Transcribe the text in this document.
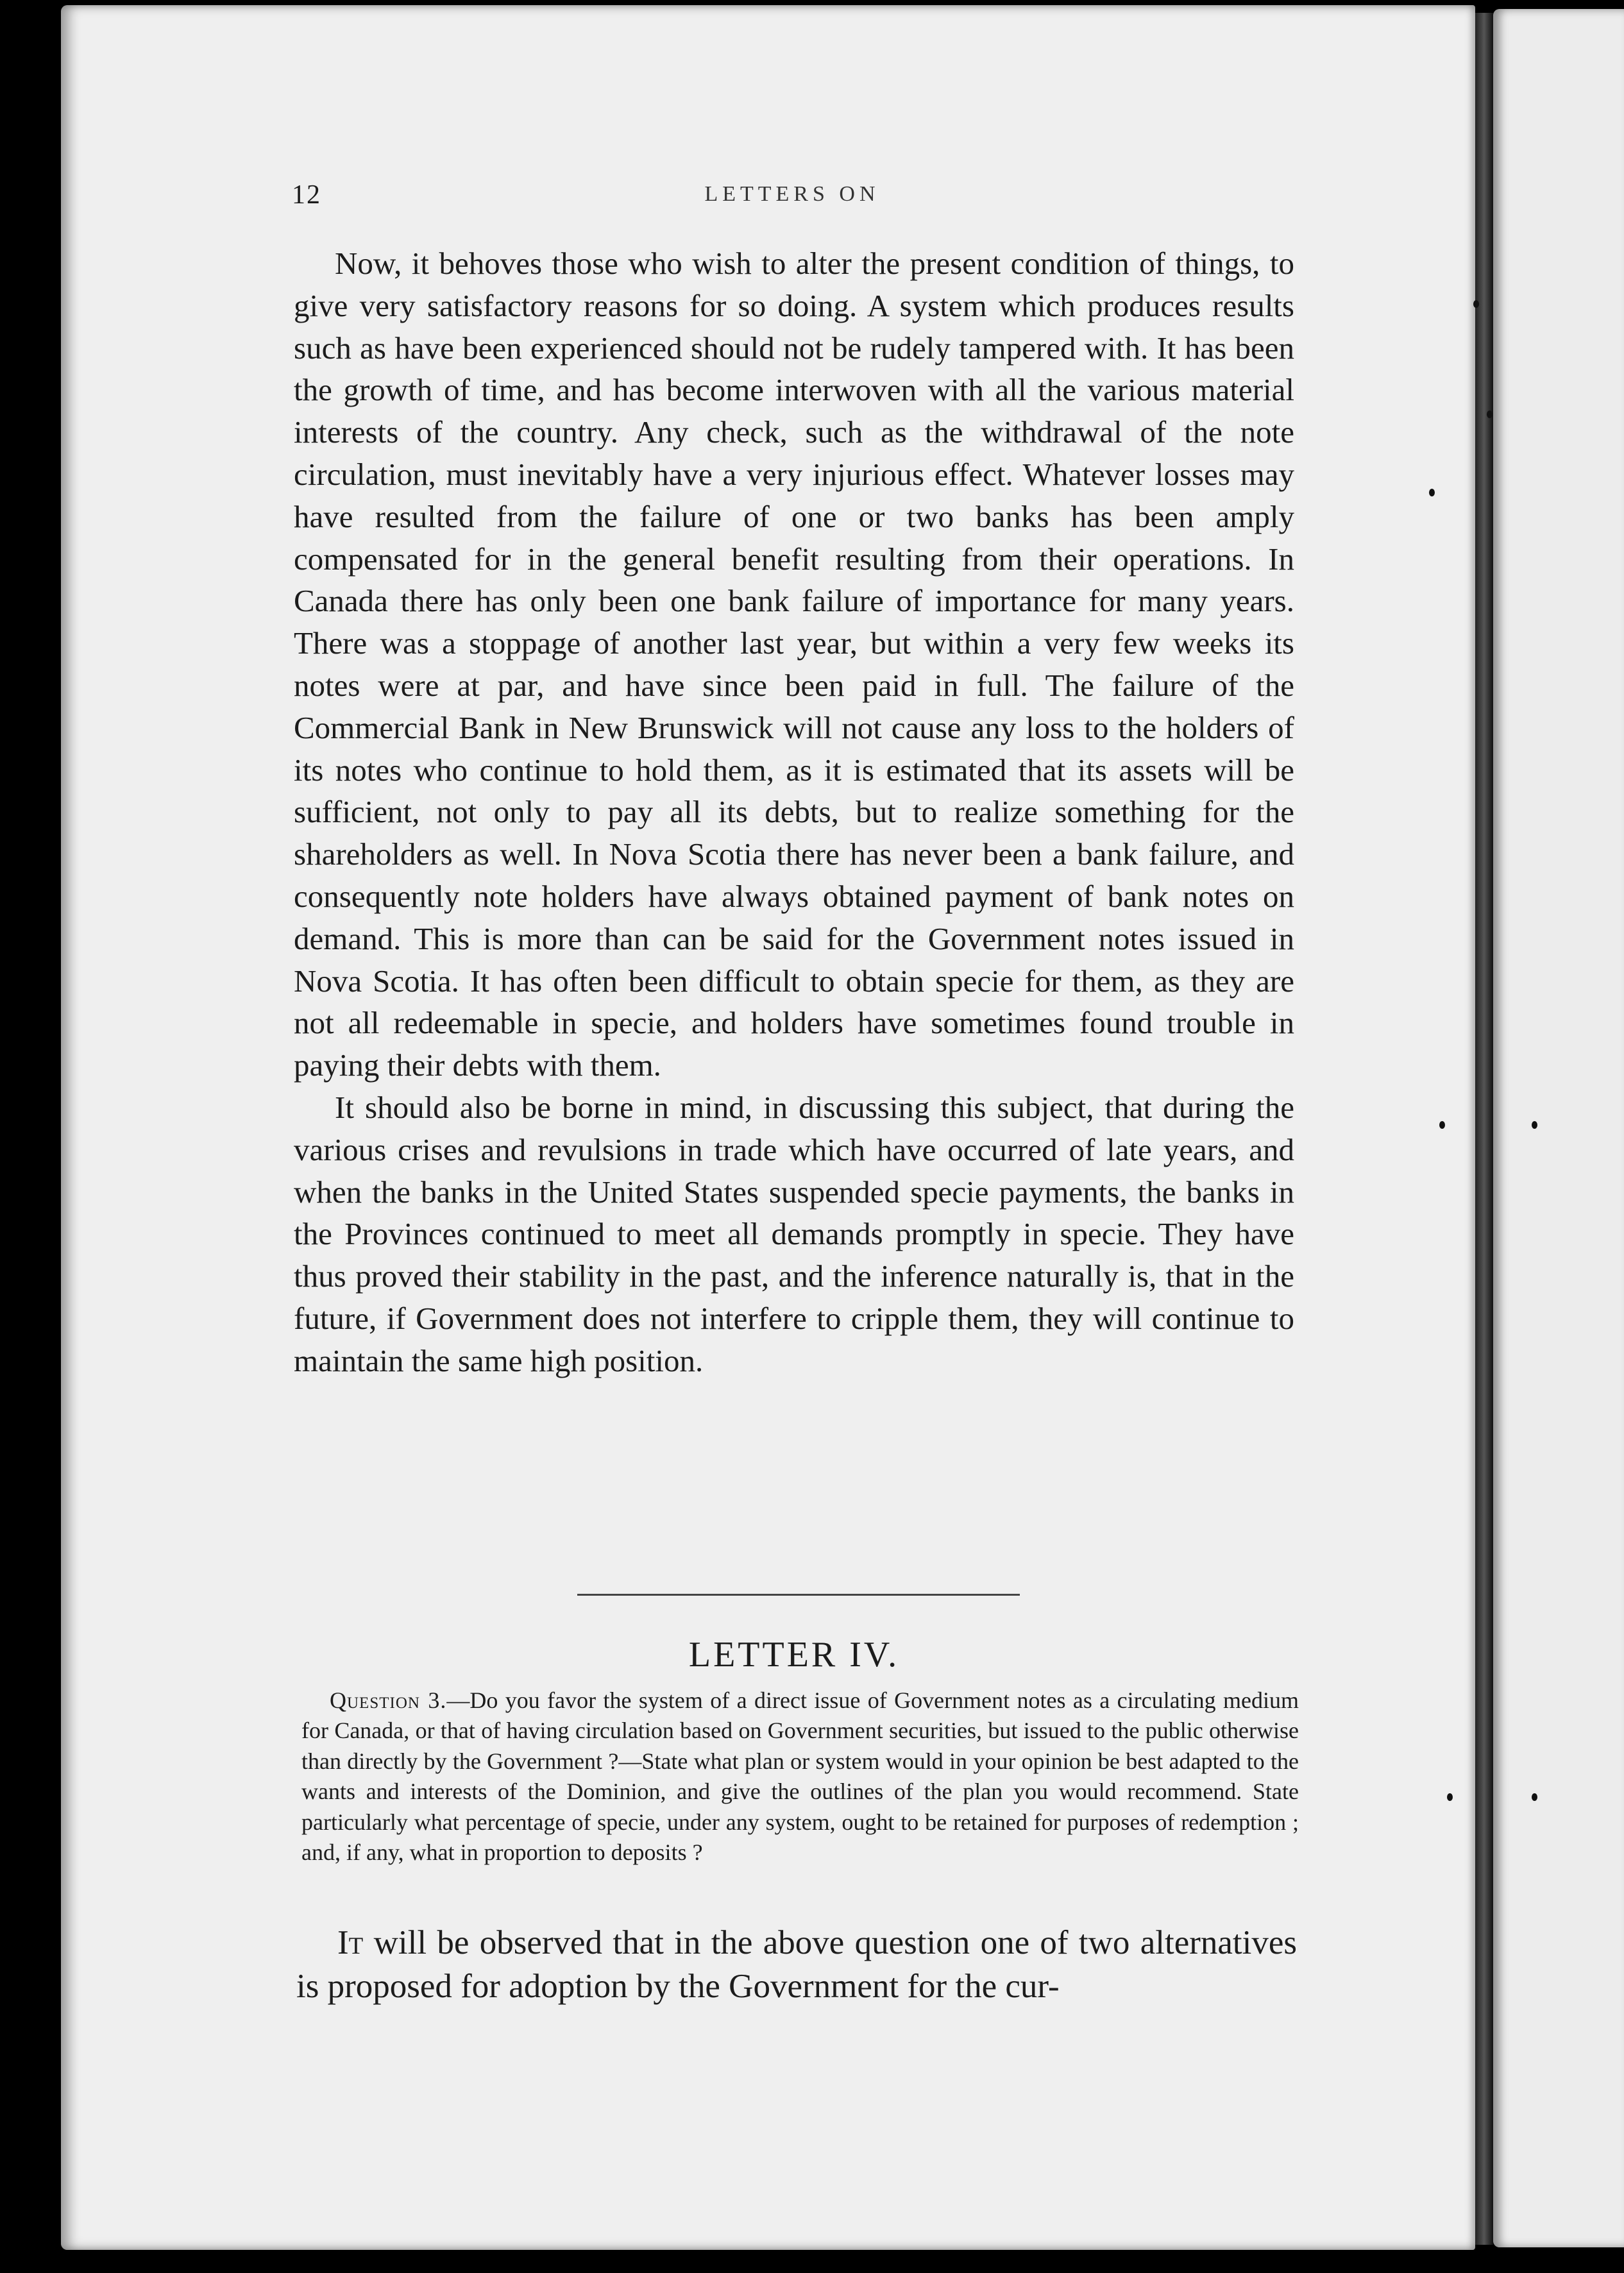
12	LETTERS ON

Now, it behoves those who wish to alter the present condition of things, to give very satisfactory reasons for so doing. A system which produces results such as have been experienced should not be rudely tampered with. It has been the growth of time, and has become interwoven with all the various material interests of the country. Any check, such as the withdrawal of the note circulation, must inevitably have a very injurious effect. Whatever losses may have resulted from the failure of one or two banks has been amply compensated for in the general benefit resulting from their operations. In Canada there has only been one bank failure of importance for many years. There was a stoppage of another last year, but within a very few weeks its notes were at par, and have since been paid in full. The failure of the Commercial Bank in New Brunswick will not cause any loss to the holders of its notes who continue to hold them, as it is estimated that its assets will be sufficient, not only to pay all its debts, but to realize something for the shareholders as well. In Nova Scotia there has never been a bank failure, and consequently note holders have always obtained payment of bank notes on demand. This is more than can be said for the Government notes issued in Nova Scotia. It has often been difficult to obtain specie for them, as they are not all redeemable in specie, and holders have sometimes found trouble in paying their debts with them.

It should also be borne in mind, in discussing this subject, that during the various crises and revulsions in trade which have occurred of late years, and when the banks in the United States suspended specie payments, the banks in the Provinces continued to meet all demands promptly in specie. They have thus proved their stability in the past, and the inference naturally is, that in the future, if Government does not interfere to cripple them, they will continue to maintain the same high position.

LETTER IV.
Question 3.—Do you favor the system of a direct issue of Government notes as a circulating medium for Canada, or that of having circulation based on Government securities, but issued to the public otherwise than directly by the Government ?—State what plan or system would in your opinion be best adapted to the wants and interests of the Dominion, and give the outlines of the plan you would recommend. State particularly what percentage of specie, under any system, ought to be retained for purposes of redemption ; and, if any, what in proportion to deposits ?
It will be observed that in the above question one of two alternatives is proposed for adoption by the Government for the cur-
